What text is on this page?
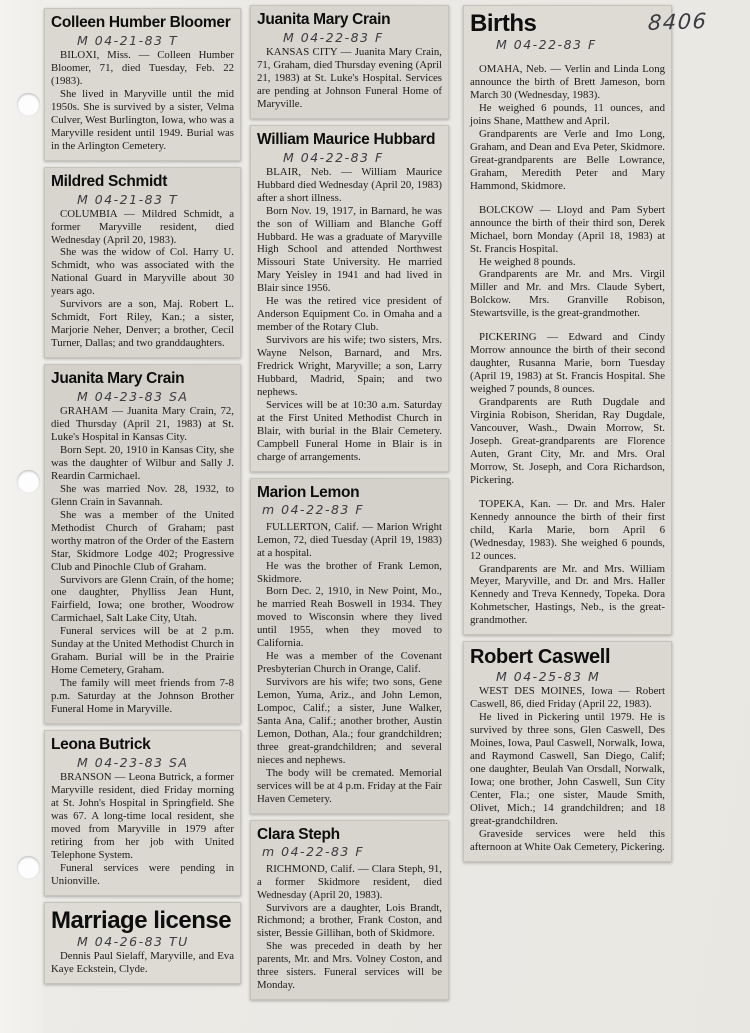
8406
Colleen Humber Bloomer
M 04-21-83 T

BILOXI, Miss. — Colleen Humber Bloomer, 71, died Tuesday, Feb. 22 (1983).

She lived in Maryville until the mid 1950s. She is survived by a sister, Velma Culver, West Burlington, Iowa, who was a Maryville resident until 1949. Burial was in the Arlington Cemetery.

Mildred Schmidt
M 04-21-83 T

COLUMBIA — Mildred Schmidt, a former Maryville resident, died Wednesday (April 20, 1983).

She was the widow of Col. Harry U. Schmidt, who was associated with the National Guard in Maryville about 30 years ago.

Survivors are a son, Maj. Robert L. Schmidt, Fort Riley, Kan.; a sister, Marjorie Neher, Denver; a brother, Cecil Turner, Dallas; and two granddaughters.

Juanita Mary Crain
M 04-23-83 SA

GRAHAM — Juanita Mary Crain, 72, died Thursday (April 21, 1983) at St. Luke's Hospital in Kansas City.

Born Sept. 20, 1910 in Kansas City, she was the daughter of Wilbur and Sally J. Reardin Carmichael.

She was married Nov. 28, 1932, to Glenn Crain in Savannah.

She was a member of the United Methodist Church of Graham; past worthy matron of the Order of the Eastern Star, Skidmore Lodge 402; Progressive Club and Pinochle Club of Graham.

Survivors are Glenn Crain, of the home; one daughter, Phylliss Jean Hunt, Fairfield, Iowa; one brother, Woodrow Carmichael, Salt Lake City, Utah.

Funeral services will be at 2 p.m. Sunday at the United Methodist Church in Graham. Burial will be in the Prairie Home Cemetery, Graham.

The family will meet friends from 7-8 p.m. Saturday at the Johnson Brother Funeral Home in Maryville.

Leona Butrick
M 04-23-83 SA

BRANSON — Leona Butrick, a former Maryville resident, died Friday morning at St. John's Hospital in Springfield. She was 67. A long-time local resident, she moved from Maryville in 1979 after retiring from her job with United Telephone System.

Funeral services were pending in Unionville.

Marriage license
M 04-26-83 TU

Dennis Paul Sielaff, Maryville, and Eva Kaye Eckstein, Clyde.

Juanita Mary Crain
M 04-22-83 F

KANSAS CITY — Juanita Mary Crain, 71, Graham, died Thursday evening (April 21, 1983) at St. Luke's Hospital. Services are pending at Johnson Funeral Home of Maryville.

William Maurice Hubbard
M 04-22-83 F

BLAIR, Neb. — William Maurice Hubbard died Wednesday (April 20, 1983) after a short illness.

Born Nov. 19, 1917, in Barnard, he was the son of William and Blanche Goff Hubbard. He was a graduate of Maryville High School and attended Northwest Missouri State University. He married Mary Yeisley in 1941 and had lived in Blair since 1956.

He was the retired vice president of Anderson Equipment Co. in Omaha and a member of the Rotary Club.

Survivors are his wife; two sisters, Mrs. Wayne Nelson, Barnard, and Mrs. Fredrick Wright, Maryville; a son, Larry Hubbard, Madrid, Spain; and two nephews.

Services will be at 10:30 a.m. Saturday at the First United Methodist Church in Blair, with burial in the Blair Cemetery. Campbell Funeral Home in Blair is in charge of arrangements.

Marion Lemonm 04-22-83 F

FULLERTON, Calif. — Marion Wright Lemon, 72, died Tuesday (April 19, 1983) at a hospital.

He was the brother of Frank Lemon, Skidmore.

Born Dec. 2, 1910, in New Point, Mo., he married Reah Boswell in 1934. They moved to Wisconsin where they lived until 1955, when they moved to California.

He was a member of the Covenant Presbyterian Church in Orange, Calif.

Survivors are his wife; two sons, Gene Lemon, Yuma, Ariz., and John Lemon, Lompoc, Calif.; a sister, June Walker, Santa Ana, Calif.; another brother, Austin Lemon, Dothan, Ala.; four grandchildren; three great-grandchildren; and several nieces and nephews.

The body will be cremated. Memorial services will be at 4 p.m. Friday at the Fair Haven Cemetery.

Clara Stephm 04-22-83 F

RICHMOND, Calif. — Clara Steph, 91, a former Skidmore resident, died Wednesday (April 20, 1983).

Survivors are a daughter, Lois Brandt, Richmond; a brother, Frank Coston, and sister, Bessie Gillihan, both of Skidmore.

She was preceded in death by her parents, Mr. and Mrs. Volney Coston, and three sisters. Funeral services will be Monday.

Births
M 04-22-83 F

OMAHA, Neb. — Verlin and Linda Long announce the birth of Brett Jameson, born March 30 (Wednesday, 1983).

He weighed 6 pounds, 11 ounces, and joins Shane, Matthew and April.

Grandparents are Verle and Imo Long, Graham, and Dean and Eva Peter, Skidmore. Great-grandparents are Belle Lowrance, Graham, Meredith Peter and Mary Hammond, Skidmore.

BOLCKOW — Lloyd and Pam Sybert announce the birth of their third son, Derek Michael, born Monday (April 18, 1983) at St. Francis Hospital.

He weighed 8 pounds.

Grandparents are Mr. and Mrs. Virgil Miller and Mr. and Mrs. Claude Sybert, Bolckow. Mrs. Granville Robison, Stewartsville, is the great-grandmother.

PICKERING — Edward and Cindy Morrow announce the birth of their second daughter, Rusanna Marie, born Tuesday (April 19, 1983) at St. Francis Hospital. She weighed 7 pounds, 8 ounces.

Grandparents are Ruth Dugdale and Virginia Robison, Sheridan, Ray Dugdale, Vancouver, Wash., Dwain Morrow, St. Joseph. Great-grandparents are Florence Auten, Grant City, Mr. and Mrs. Oral Morrow, St. Joseph, and Cora Richardson, Pickering.

TOPEKA, Kan. — Dr. and Mrs. Haler Kennedy announce the birth of their first child, Karla Marie, born April 6 (Wednesday, 1983). She weighed 6 pounds, 12 ounces.

Grandparents are Mr. and Mrs. William Meyer, Maryville, and Dr. and Mrs. Haller Kennedy and Treva Kennedy, Topeka. Dora Kohmetscher, Hastings, Neb., is the great-grandmother.

Robert Caswell
M 04-25-83 M

WEST DES MOINES, Iowa — Robert Caswell, 86, died Friday (April 22, 1983).

He lived in Pickering until 1979. He is survived by three sons, Glen Caswell, Des Moines, Iowa, Paul Caswell, Norwalk, Iowa, and Raymond Caswell, San Diego, Calif; one daughter, Beulah Van Orsdall, Norwalk, Iowa; one brother, John Caswell, Sun City Center, Fla.; one sister, Maude Smith, Olivet, Mich.; 14 grandchildren; and 18 great-grandchildren.

Graveside services were held this afternoon at White Oak Cemetery, Pickering.
